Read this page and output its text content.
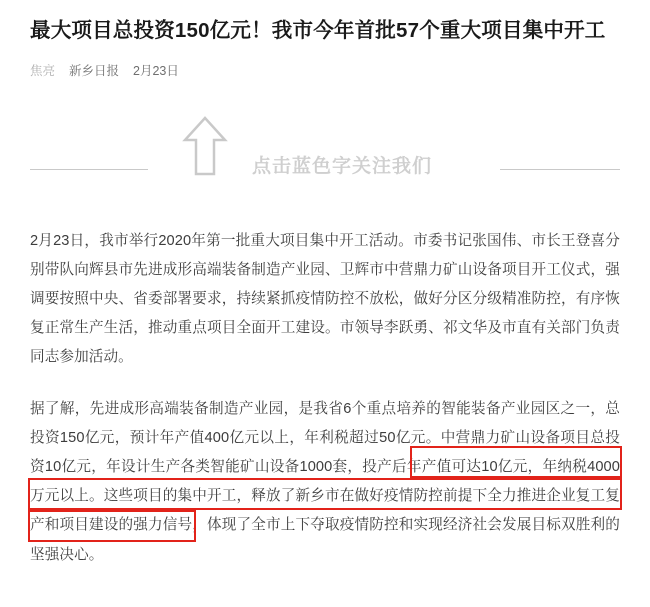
最大项目总投资150亿元！我市今年首批57个重大项目集中开工
焦亮 新乡日报 2月23日
点击蓝色字关注我们

2月23日，我市举行2020年第一批重大项目集中开工活动。市委书记张国伟、市长王登喜分别带队向辉县市先进成形高端装备制造产业园、卫辉市中营鼎力矿山设备项目开工仪式，强调要按照中央、省委部署要求，持续紧抓疫情防控不放松，做好分区分级精准防控，有序恢复正常生产生活，推动重点项目全面开工建设。市领导李跃勇、祁文华及市直有关部门负责同志参加活动。

据了解，先进成形高端装备制造产业园，是我省6个重点培养的智能装备产业园区之一，总投资150亿元，预计年产值400亿元以上，年利税超过50亿元。中营鼎力矿山设备项目总投资10亿元，年设计生产各类智能矿山设备1000套，投产后年产值可达10亿元，年纳税4000万元以上。这些项目的集中开工，释放了新乡市在做好疫情防控前提下全力推进企业复工复产和项目建设的强力信号，体现了全市上下夺取疫情防控和实现经济社会发展目标双胜利的坚强决心。
